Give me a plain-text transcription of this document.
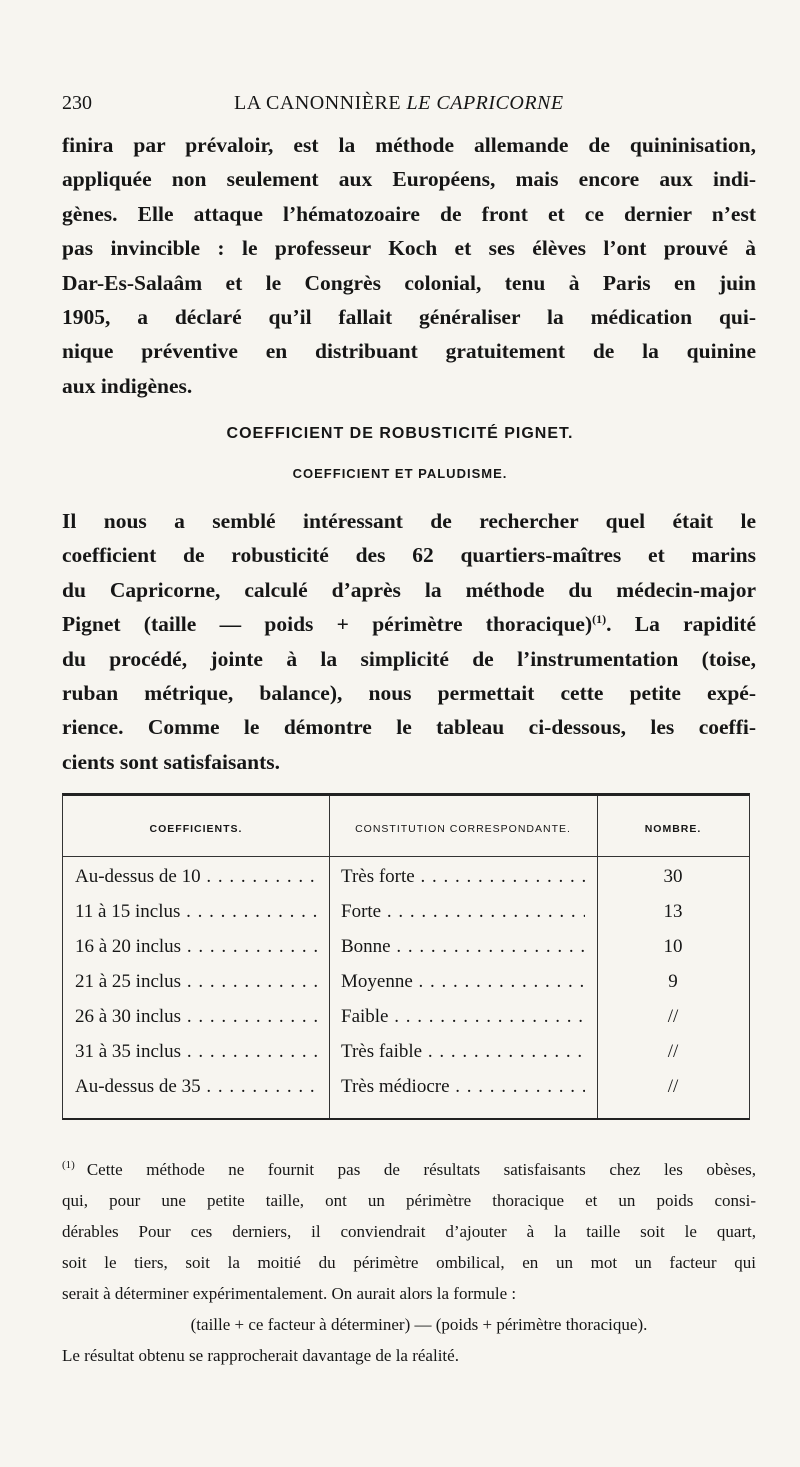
230	LA CANONNIÈRE LE CAPRICORNE
finira par prévaloir, est la méthode allemande de quininisation,
appliquée non seulement aux Européens, mais encore aux indi-
gènes. Elle attaque l’hématozoaire de front et ce dernier n’est
pas invincible : le professeur Koch et ses élèves l’ont prouvé à
Dar-Es-Salaâm et le Congrès colonial, tenu à Paris en juin
1905, a déclaré qu’il fallait généraliser la médication qui-
nique préventive en distribuant gratuitement de la quinine
aux indigènes.
COEFFICIENT DE ROBUSTICITÉ PIGNET.
COEFFICIENT ET PALUDISME.
Il nous a semblé intéressant de rechercher quel était le
coefficient de robusticité des 62 quartiers-maîtres et marins
du Capricorne, calculé d’après la méthode du médecin-major
Pignet (taille — poids + périmètre thoracique)$^{(1)}$. La rapidité
du procédé, jointe à la simplicité de l’instrumentation (toise,
ruban métrique, balance), nous permettait cette petite expé-
rience. Comme le démontre le tableau ci-dessous, les coeffi-
cients sont satisfaisants.
COEFFICIENTS.	CONSTITUTION CORRESPONDANTE.	NOMBRE.
Au-dessus de 10 . . .	Très forte . . .	30
11 à 15 inclus . . .	Forte . . .	13
16 à 20 inclus . . .	Bonne . . .	10
21 à 25 inclus . . .	Moyenne . . .	9
26 à 30 inclus . . .	Faible . . .	//
31 à 35 inclus . . .	Très faible . . .	//
Au-dessus de 35 . . .	Très médiocre . . .	//
$^{(1)}$ Cette méthode ne fournit pas de résultats satisfaisants chez les obèses,
qui, pour une petite taille, ont un périmètre thoracique et un poids consi-
dérables Pour ces derniers, il conviendrait d’ajouter à la taille soit le quart,
soit le tiers, soit la moitié du périmètre ombilical, en un mot un facteur qui
serait à déterminer expérimentalement. On aurait alors la formule :
(taille + ce facteur à déterminer) — (poids + périmètre thoracique).
Le résultat obtenu se rapprocherait davantage de la réalité.
